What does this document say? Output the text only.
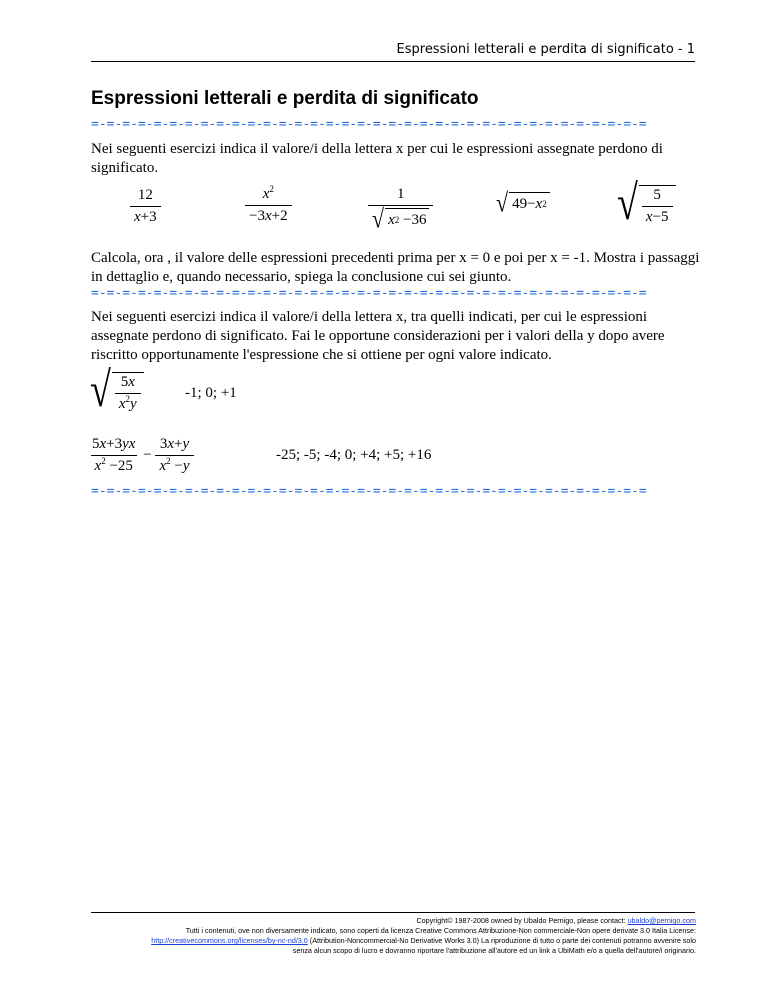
Espressioni letterali e perdita di significato - 1
Espressioni letterali e perdita di significato
=-=-=-=-=-=-=-=-=-=-=-=-=-=-=-=-=-=-=-=-=-=-=-=-=-=-=-=-=-=-=-=-=-=-=-=

Nei seguenti esercizi indica il valore/i della lettera x per cui le espressioni assegnate perdono di significato.

$\frac{12}{x+3}$	$\frac{x^2}{-3x+2}$	$\frac{1}{√ x 2 -36}$	√ 49− x 2 √ $\frac{5}{x-5}$

Calcola, ora , il valore delle espressioni precedenti prima per x = 0 e poi per x = -1. Mostra i passaggi in dettaglio e, quando necessario, spiega la conclusione cui sei giunto.

=-=-=-=-=-=-=-=-=-=-=-=-=-=-=-=-=-=-=-=-=-=-=-=-=-=-=-=-=-=-=-=-=-=-=-=

Nei seguenti esercizi indica il valore/i della lettera x, tra quelli indicati, per cui le espressioni assegnate perdono di significato. Fai le opportune considerazioni per i valori della y dopo avere riscritto opportunamente l'espressione che si ottiene per ogni valore indicato.

√ $\frac{5x}{x^2y}$	-1; 0; +1
$\frac{5x+3yx}{x^2 -25} - \frac{3x+y}{x^2 -y}$	-25; -5; -4; 0; +4; +5; +16
=-=-=-=-=-=-=-=-=-=-=-=-=-=-=-=-=-=-=-=-=-=-=-=-=-=-=-=-=-=-=-=-=-=-=-=
Copyright© 1987-2008 owned by Ubaldo Pernigo, please contact: ubaldo@pernigo.com
Tutti i contenuti, ove non diversamente indicato, sono coperti da licenza Creative Commons Attribuzione-Non commerciale-Non opere derivate 3.0 Italia License:
http://creativecommons.org/licenses/by-nc-nd/3.0 (Attribution-Noncommercial-No Derivative Works 3.0) La riproduzione di tutto o parte dei contenuti potranno avvenire solo
senza alcun scopo di lucro e dovranno riportare l'attribuzione all'autore ed un link a UbiMath e/o a quella dell'autore/i originario.
